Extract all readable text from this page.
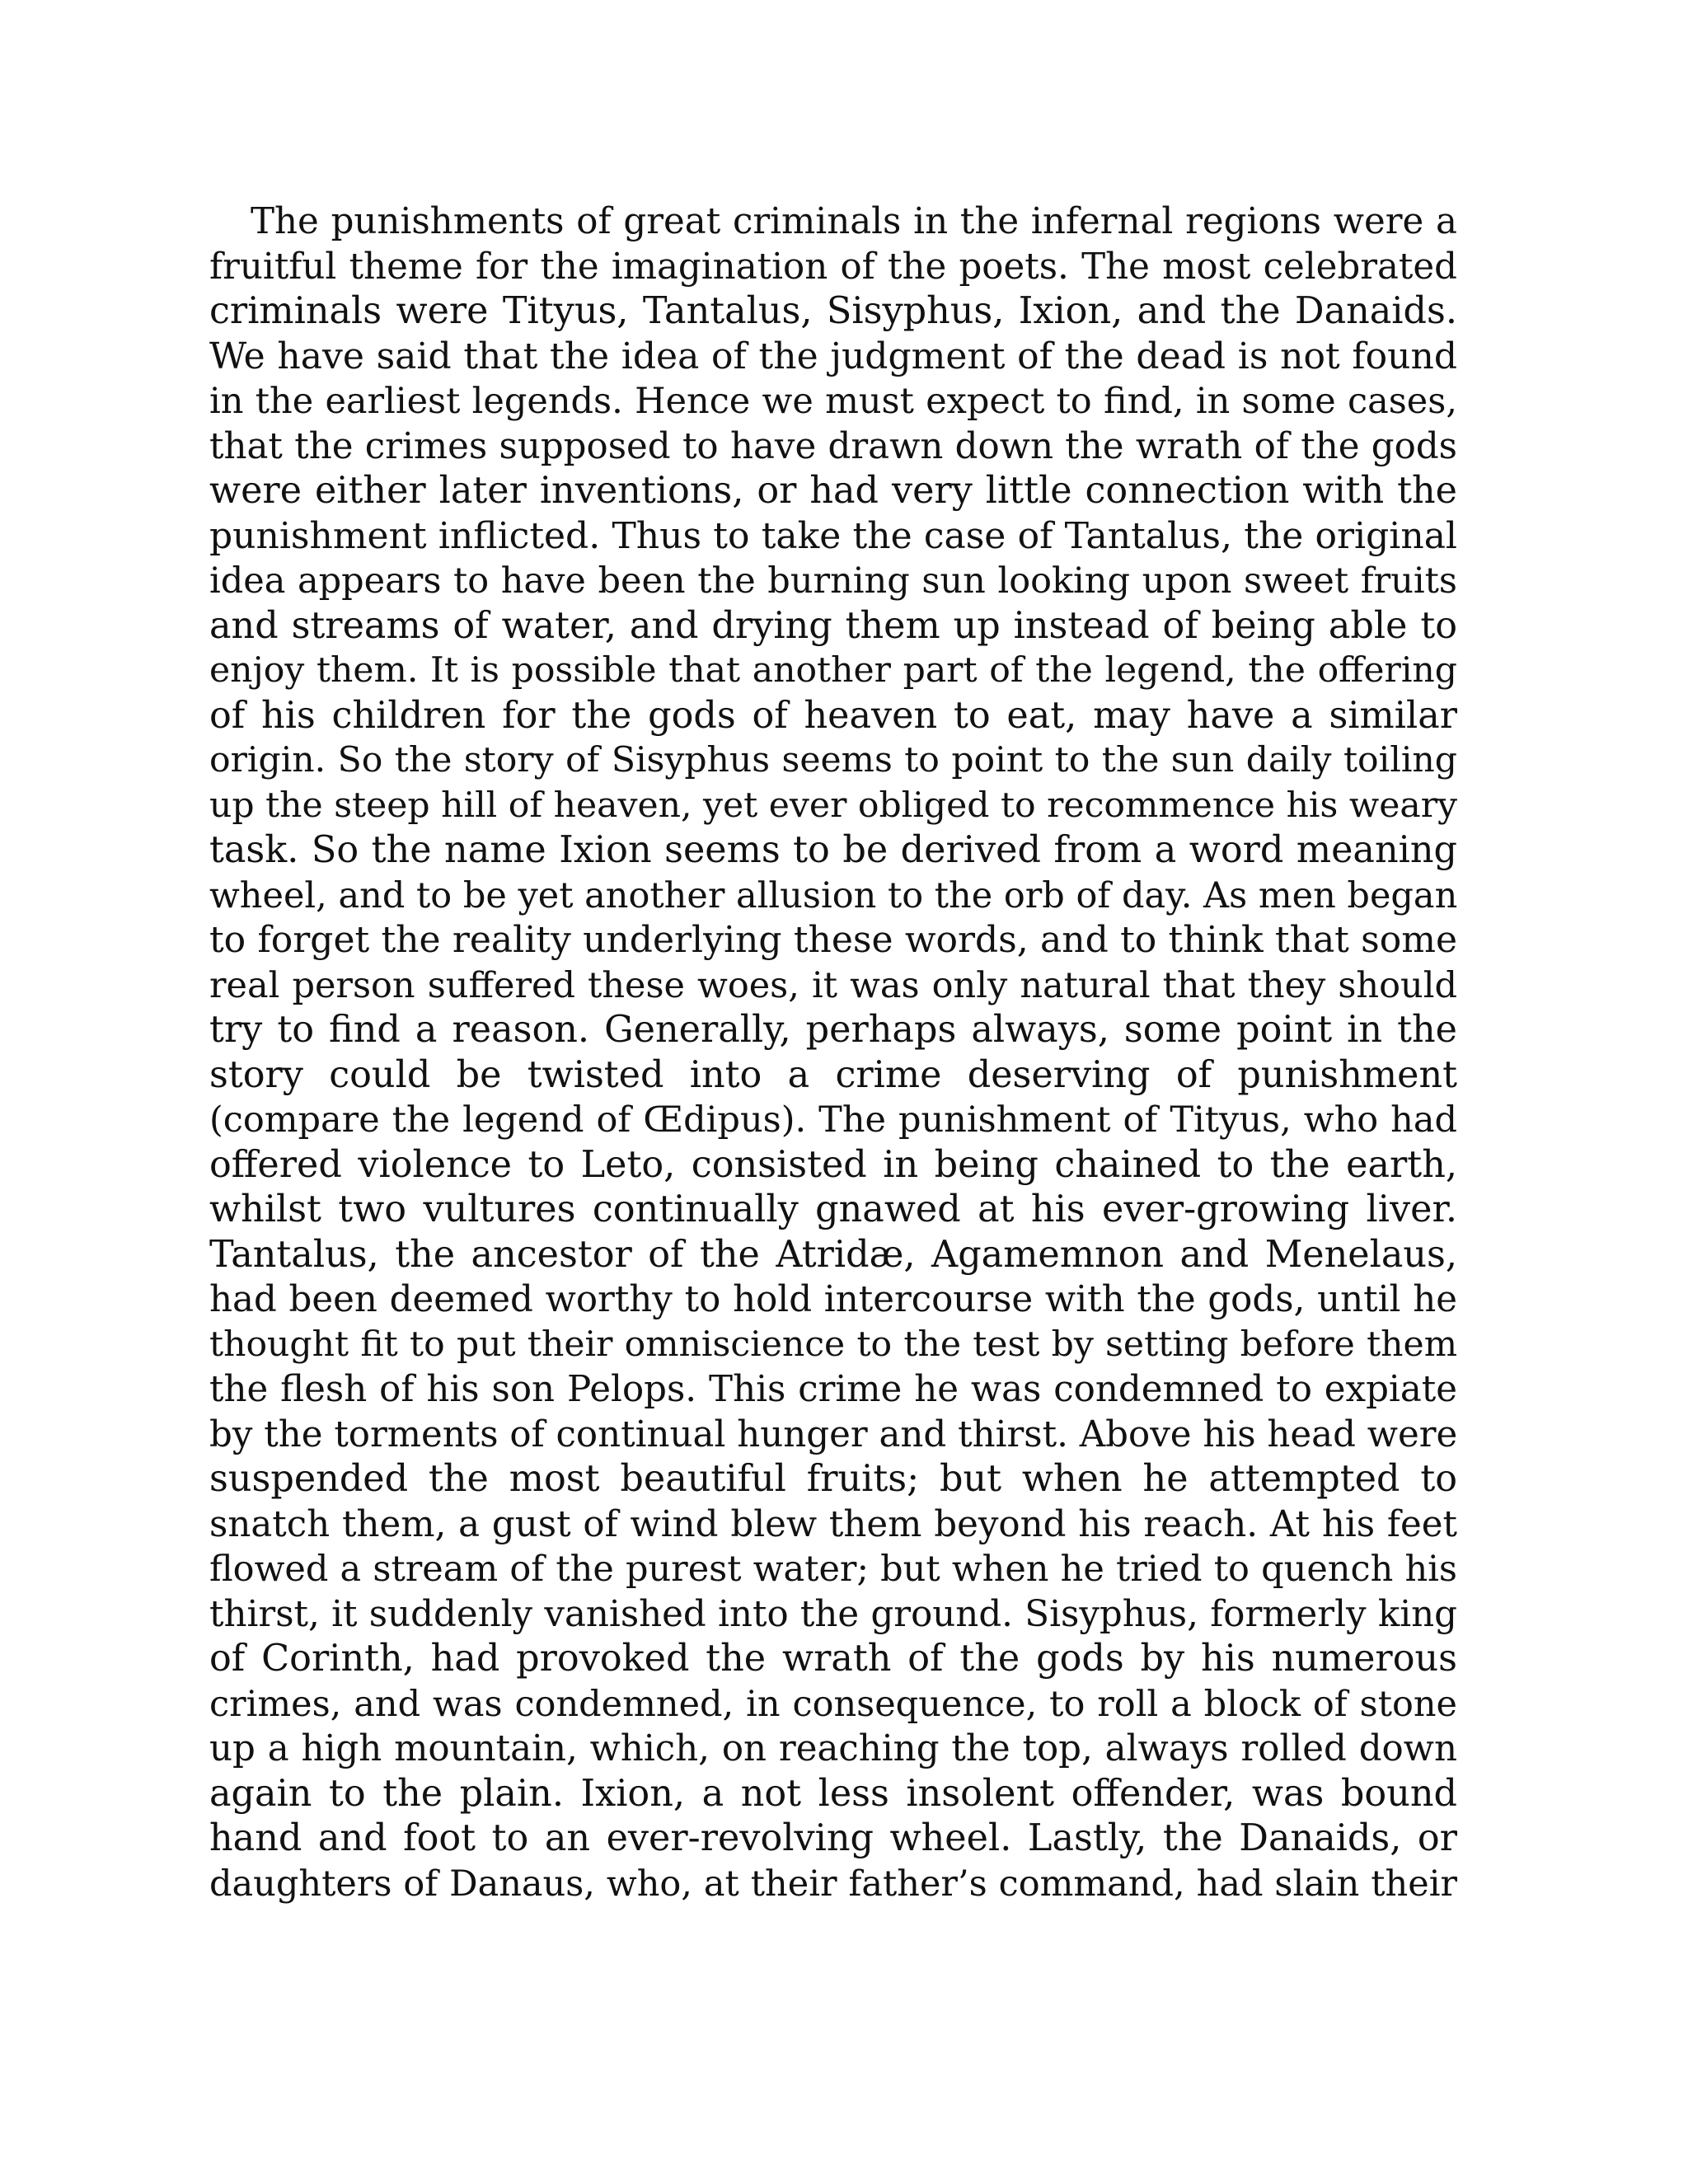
The punishments of great criminals in the infernal regions were a
fruitful theme for the imagination of the poets. The most celebrated
criminals were Tityus, Tantalus, Sisyphus, Ixion, and the Danaids.
We have said that the idea of the judgment of the dead is not found
in the earliest legends. Hence we must expect to find, in some cases,
that the crimes supposed to have drawn down the wrath of the gods
were either later inventions, or had very little connection with the
punishment inflicted. Thus to take the case of Tantalus, the original
idea appears to have been the burning sun looking upon sweet fruits
and streams of water, and drying them up instead of being able to
enjoy them. It is possible that another part of the legend, the offering
of his children for the gods of heaven to eat, may have a similar
origin. So the story of Sisyphus seems to point to the sun daily toiling
up the steep hill of heaven, yet ever obliged to recommence his weary
task. So the name Ixion seems to be derived from a word meaning
wheel, and to be yet another allusion to the orb of day. As men began
to forget the reality underlying these words, and to think that some
real person suffered these woes, it was only natural that they should
try to find a reason. Generally, perhaps always, some point in the
story could be twisted into a crime deserving of punishment
(compare the legend of Œdipus). The punishment of Tityus, who had
offered violence to Leto, consisted in being chained to the earth,
whilst two vultures continually gnawed at his ever-growing liver.
Tantalus, the ancestor of the Atridæ, Agamemnon and Menelaus,
had been deemed worthy to hold intercourse with the gods, until he
thought fit to put their omniscience to the test by setting before them
the flesh of his son Pelops. This crime he was condemned to expiate
by the torments of continual hunger and thirst. Above his head were
suspended the most beautiful fruits; but when he attempted to
snatch them, a gust of wind blew them beyond his reach. At his feet
flowed a stream of the purest water; but when he tried to quench his
thirst, it suddenly vanished into the ground. Sisyphus, formerly king
of Corinth, had provoked the wrath of the gods by his numerous
crimes, and was condemned, in consequence, to roll a block of stone
up a high mountain, which, on reaching the top, always rolled down
again to the plain. Ixion, a not less insolent offender, was bound
hand and foot to an ever-revolving wheel. Lastly, the Danaids, or
daughters of Danaus, who, at their father’s command, had slain their
